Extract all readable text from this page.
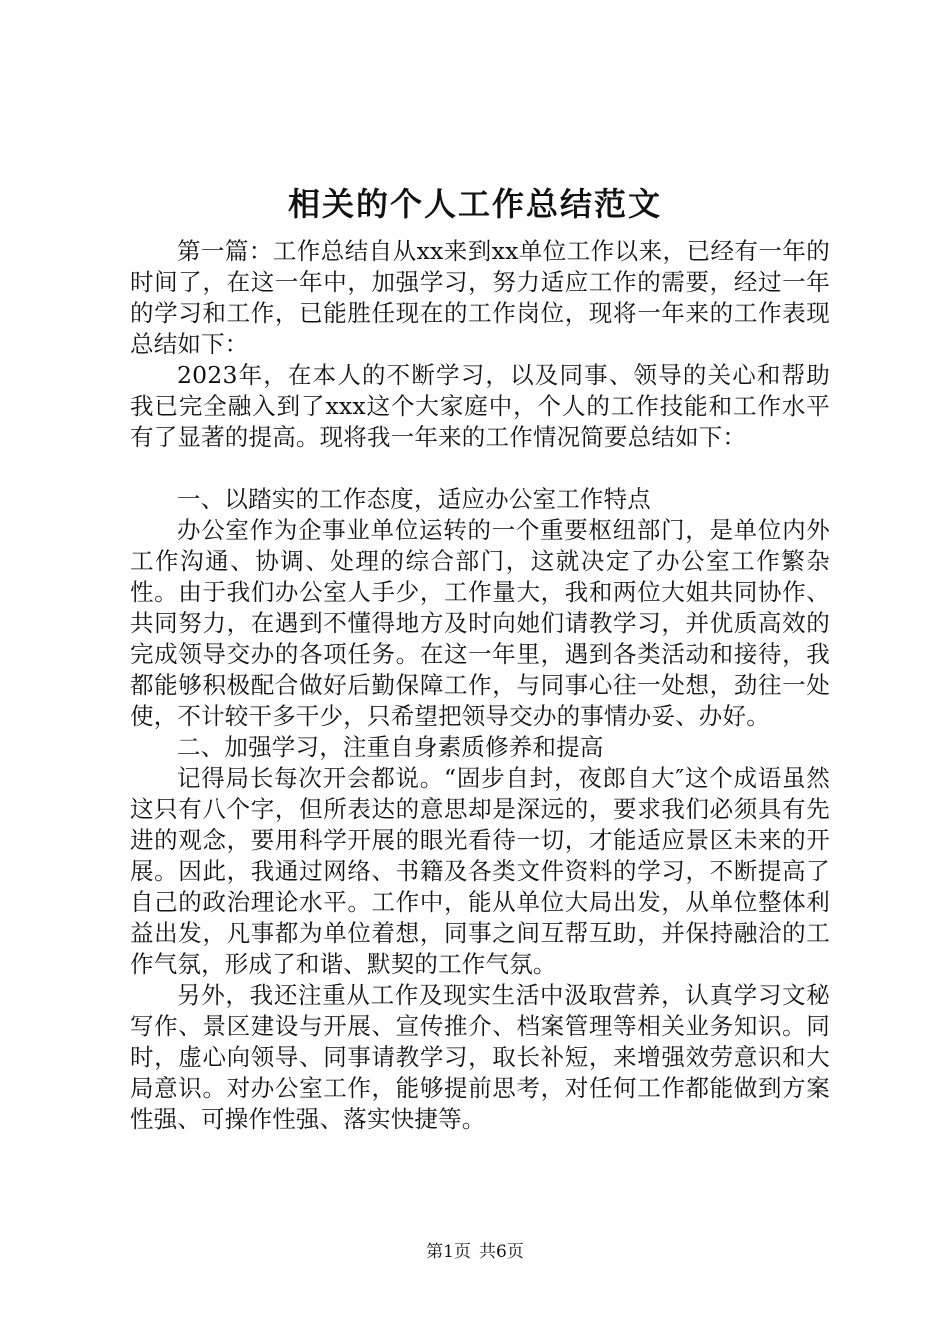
相关的个人工作总结范文

第一篇：工作总结自从xx来到xx单位工作以来，已经有一年的时间了，在这一年中，加强学习，努力适应工作的需要，经过一年的学习和工作，已能胜任现在的工作岗位，现将一年来的工作表现总结如下：

2023年，在本人的不断学习，以及同事、领导的关心和帮助我已完全融入到了xxx这个大家庭中，个人的工作技能和工作水平有了显著的提高。现将我一年来的工作情况简要总结如下：

一、以踏实的工作态度，适应办公室工作特点

办公室作为企事业单位运转的一个重要枢纽部门，是单位内外工作沟通、协调、处理的综合部门，这就决定了办公室工作繁杂性。由于我们办公室人手少，工作量大，我和两位大姐共同协作、共同努力，在遇到不懂得地方及时向她们请教学习，并优质高效的完成领导交办的各项任务。在这一年里，遇到各类活动和接待，我都能够积极配合做好后勤保障工作，与同事心往一处想，劲往一处使，不计较干多干少，只希望把领导交办的事情办妥、办好。

二、加强学习，注重自身素质修养和提高

记得局长每次开会都说。“固步自封，夜郎自大″这个成语虽然这只有八个字，但所表达的意思却是深远的，要求我们必须具有先进的观念，要用科学开展的眼光看待一切，才能适应景区未来的开展。因此，我通过网络、书籍及各类文件资料的学习，不断提高了自己的政治理论水平。工作中，能从单位大局出发，从单位整体利益出发，凡事都为单位着想，同事之间互帮互助，并保持融洽的工作气氛，形成了和谐、默契的工作气氛。

另外，我还注重从工作及现实生活中汲取营养，认真学习文秘写作、景区建设与开展、宣传推介、档案管理等相关业务知识。同时，虚心向领导、同事请教学习，取长补短，来增强效劳意识和大局意识。对办公室工作，能够提前思考，对任何工作都能做到方案性强、可操作性强、落实快捷等。

第1页 共6页
